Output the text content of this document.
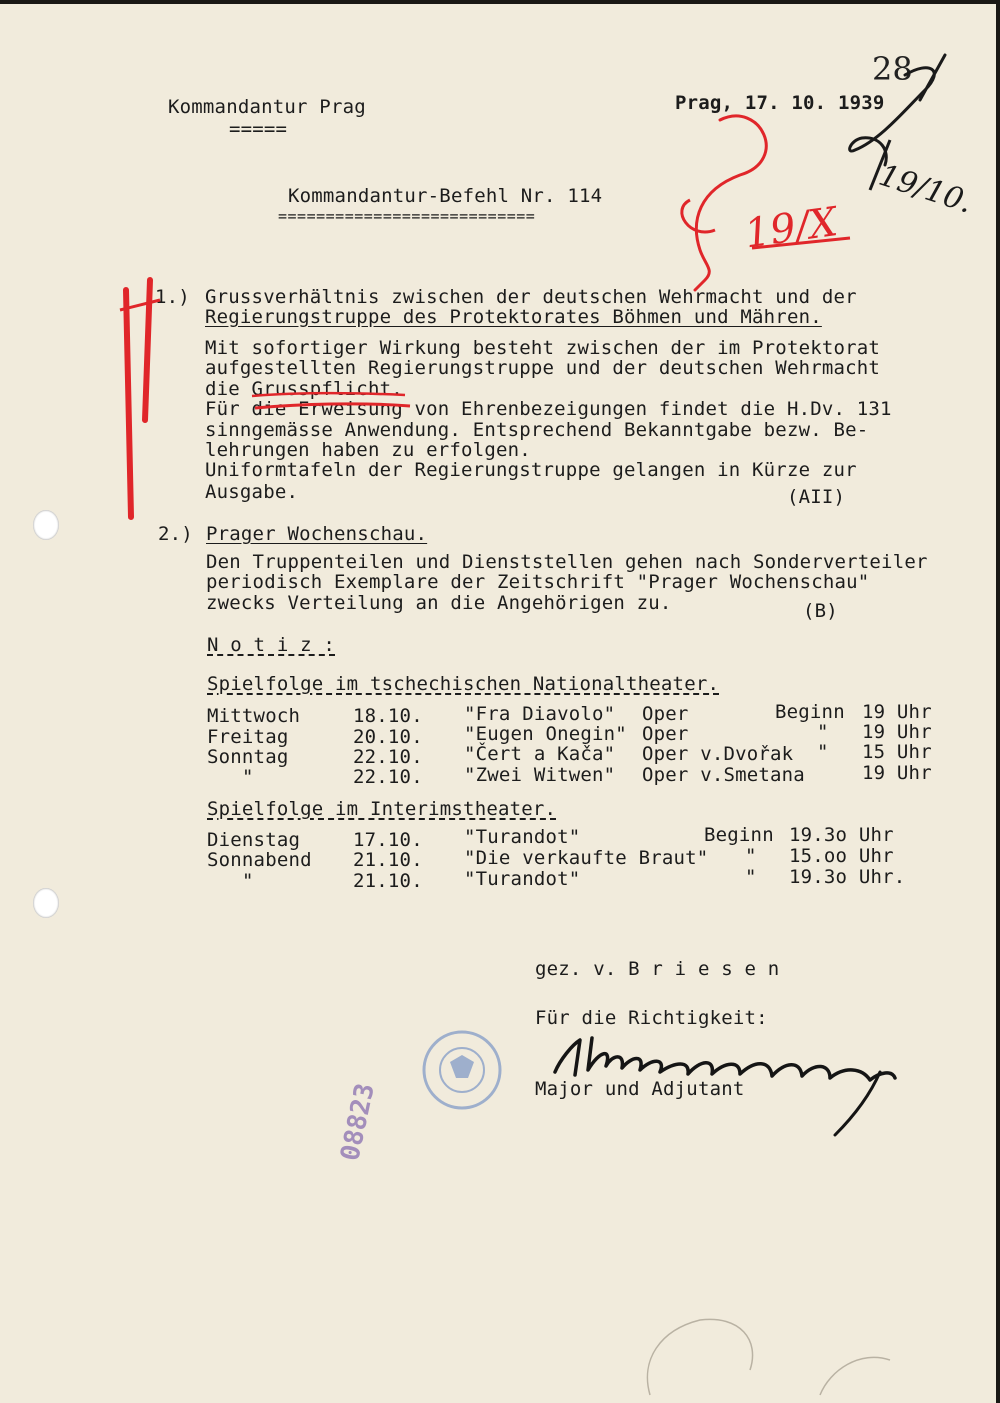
28
Kommandantur Prag
=====
Prag, 17. 10. 1939
Kommandantur-Befehl Nr. 114
===========================
1.) Grussverhältnis zwischen der deutschen Wehrmacht und der
Regierungstruppe des Protektorates Böhmen und Mähren.
Mit sofortiger Wirkung besteht zwischen der im Protektorat
aufgestellten Regierungstruppe und der deutschen Wehrmacht
die Grusspflicht.
Für die Erweisung von Ehrenbezeigungen findet die H.Dv. 131
sinngemässe Anwendung. Entsprechend Bekanntgabe bezw. Be-
lehrungen haben zu erfolgen.
Uniformtafeln der Regierungstruppe gelangen in Kürze zur
Ausgabe.	(AII)
2.) Prager Wochenschau.
Den Truppenteilen und Dienststellen gehen nach Sonderverteiler
periodisch Exemplare der Zeitschrift "Prager Wochenschau"
zwecks Verteilung an die Angehörigen zu.	(B)
N o t i z :
Spielfolge im tschechischen Nationaltheater.
Mittwoch	18.10. "Fra Diavolo" Oper	Beginn 19 Uhr
Freitag	20.10. "Eugen Onegin" Oper	" 19 Uhr
Sonntag	22.10. "Čert a Kača" Oper v.Dvořak " 15 Uhr
"	22.10. "Zwei Witwen" Oper v.Smetana	19 Uhr
Spielfolge im Interimstheater.
Dienstag	17.10. "Turandot"	Beginn 19.3o Uhr
Sonnabend 21.10. "Die verkaufte Braut" " 15.oo Uhr
"	21.10. "Turandot"	" 19.3o Uhr.
gez. v. B r i e s e n
Für die Richtigkeit:
Major und Adjutant
19/X
19/10.
08823
